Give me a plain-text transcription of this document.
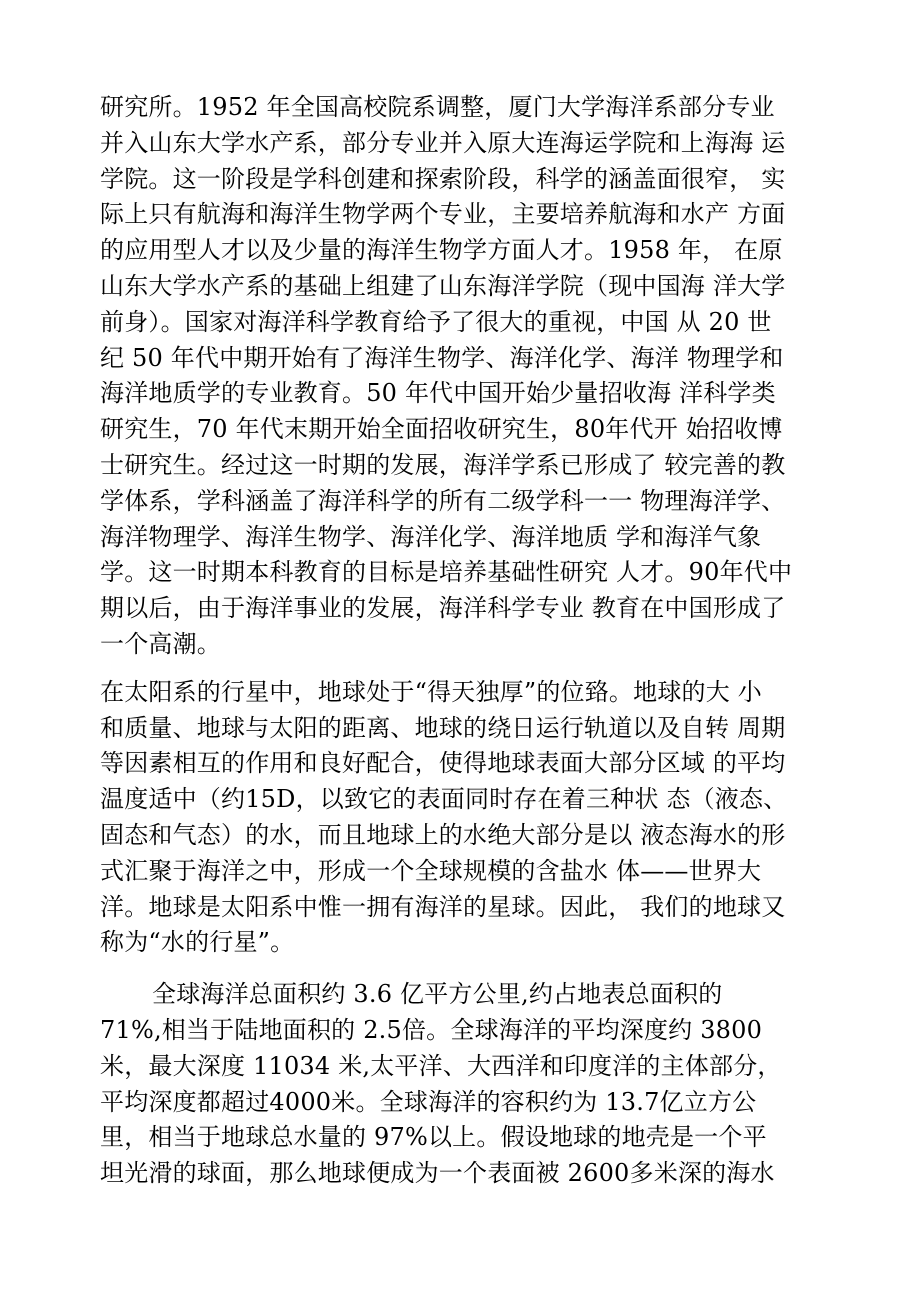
研究所。1952 年全国高校院系调整，厦门大学海洋系部分专业
并入山东大学水产系，部分专业并入原大连海运学院和上海海 运
学院。这一阶段是学科创建和探索阶段，科学的涵盖面很窄， 实
际上只有航海和海洋生物学两个专业，主要培养航海和水产 方面
的应用型人才以及少量的海洋生物学方面人才。1958 年， 在原
山东大学水产系的基础上组建了山东海洋学院（现中国海 洋大学
前身）。国家对海洋科学教育给予了很大的重视，中国 从 20 世
纪 50 年代中期开始有了海洋生物学、海洋化学、海洋 物理学和
海洋地质学的专业教育。50 年代中国开始少量招收海 洋科学类
研究生，70 年代末期开始全面招收研究生，80年代开 始招收博
士研究生。经过这一时期的发展，海洋学系已形成了 较完善的教
学体系，学科涵盖了海洋科学的所有二级学科一一 物理海洋学、
海洋物理学、海洋生物学、海洋化学、海洋地质 学和海洋气象
学。这一时期本科教育的目标是培养基础性研究 人才。90年代中
期以后，由于海洋事业的发展，海洋科学专业 教育在中国形成了
一个高潮。

在太阳系的行星中，地球处于“得天独厚”的位臵。地球的大 小
和质量、地球与太阳的距离、地球的绕日运行轨道以及自转 周期
等因素相互的作用和良好配合，使得地球表面大部分区域 的平均
温度适中（约15D，以致它的表面同时存在着三种状 态（液态、
固态和气态）的水，而且地球上的水绝大部分是以 液态海水的形
式汇聚于海洋之中，形成一个全球规模的含盐水 体——世界大
洋。地球是太阳系中惟一拥有海洋的星球。因此， 我们的地球又
称为“水的行星”。

全球海洋总面积约 3.6 亿平方公里,约占地表总面积的
71%,相当于陆地面积的 2.5倍。全球海洋的平均深度约 3800
米，最大深度 11034 米,太平洋、大西洋和印度洋的主体部分，
平均深度都超过4000米。全球海洋的容积约为 13.7亿立方公
里，相当于地球总水量的 97%以上。假设地球的地壳是一个平
坦光滑的球面，那么地球便成为一个表面被 2600多米深的海水
